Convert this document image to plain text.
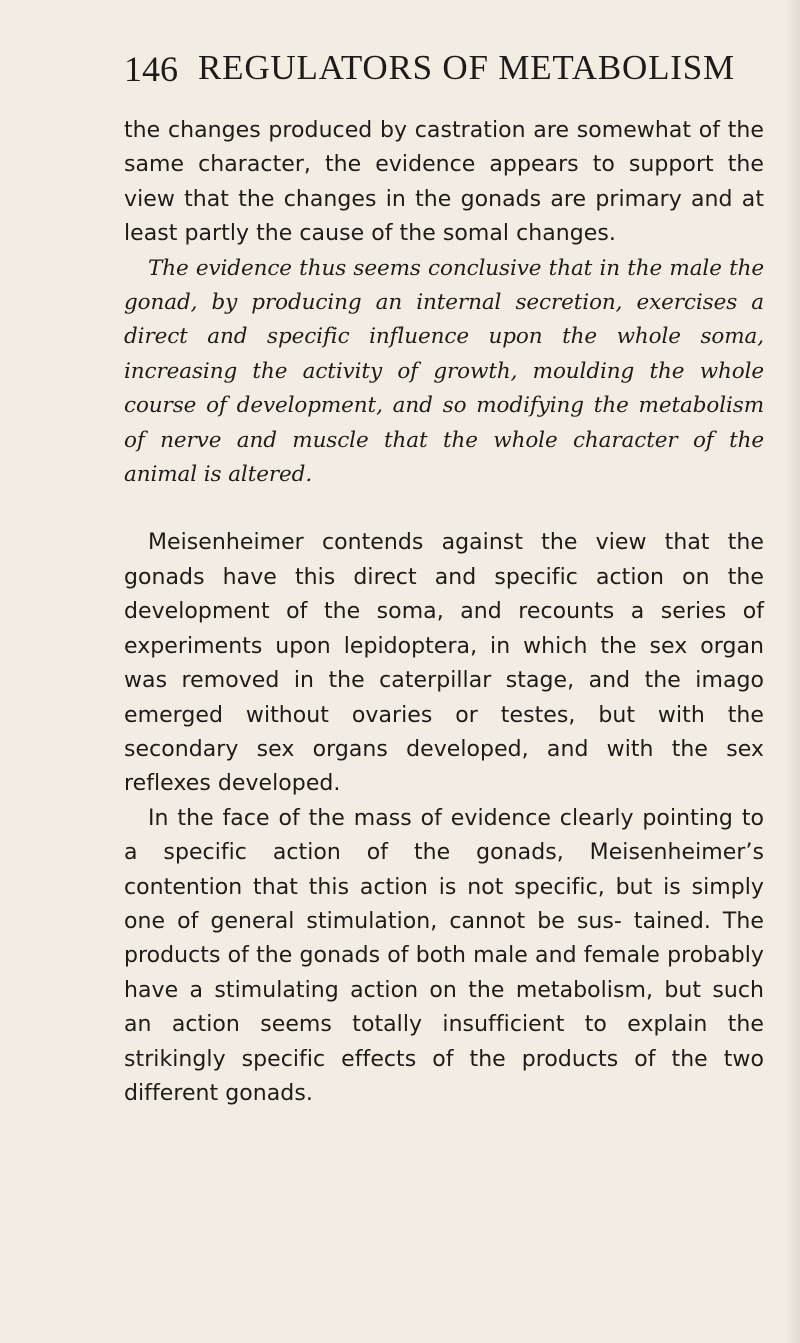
146 REGULATORS OF METABOLISM

the changes produced by castration are somewhat of the same character, the evidence appears to support the view that the changes in the gonads are primary and at least partly the cause of the somal changes.

The evidence thus seems conclusive that in the male the gonad, by producing an internal secretion, exercises a direct and specific influence upon the whole soma, increasing the activity of growth, moulding the whole course of development, and so modifying the metabolism of nerve and muscle that the whole character of the animal is altered.

Meisenheimer contends against the view that the gonads have this direct and specific action on the development of the soma, and recounts a series of experiments upon lepidoptera, in which the sex organ was removed in the caterpillar stage, and the imago emerged without ovaries or testes, but with the secondary sex organs developed, and with the sex reflexes developed.

In the face of the mass of evidence clearly pointing to a specific action of the gonads, Meisenheimer’s contention that this action is not specific, but is simply one of general stimulation, cannot be sus- tained. The products of the gonads of both male and female probably have a stimulating action on the metabolism, but such an action seems totally insufficient to explain the strikingly specific effects of the products of the two different gonads.
